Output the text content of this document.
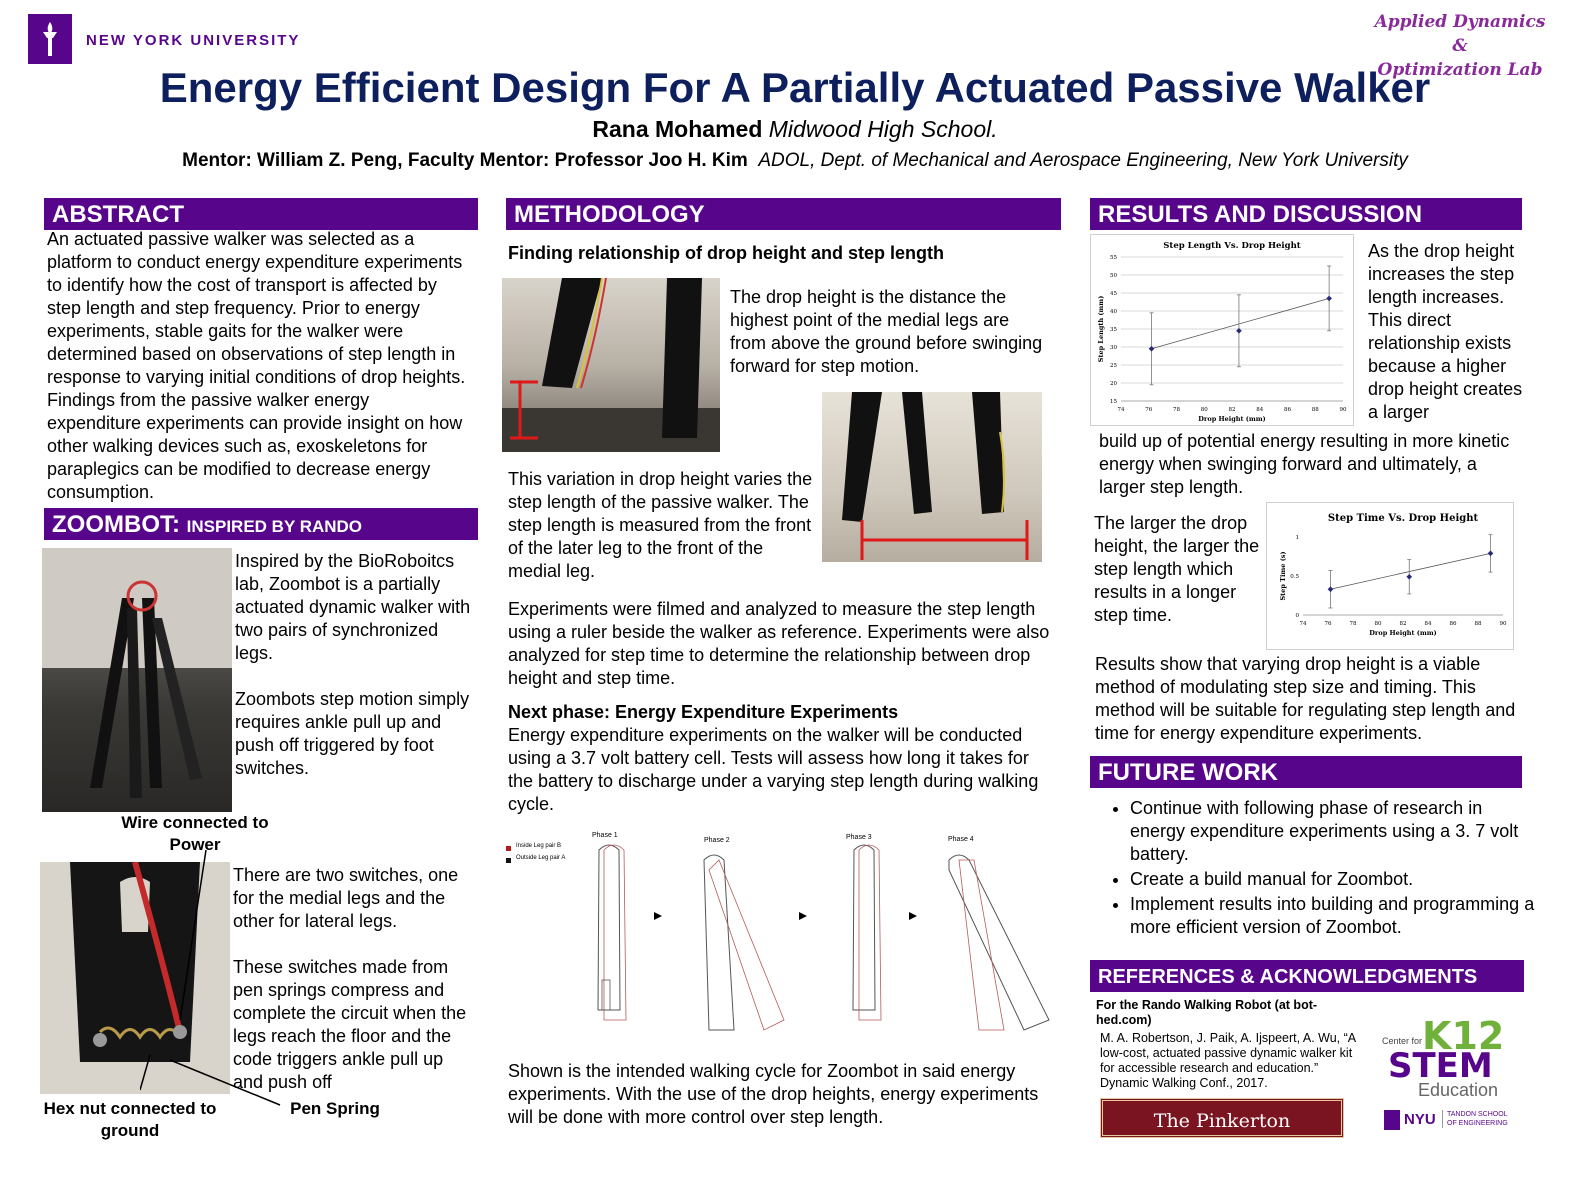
NEW YORK UNIVERSITY
Applied Dynamics &
Optimization Lab
Energy Efficient Design For A Partially Actuated Passive Walker
Rana Mohamed Midwood High School.
Mentor: William Z. Peng, Faculty Mentor: Professor Joo H. Kim ADOL, Dept. of Mechanical and Aerospace Engineering, New York University
ABSTRACT
An actuated passive walker was selected as a platform to conduct energy expenditure experiments to identify how the cost of transport is affected by step length and step frequency. Prior to energy experiments, stable gaits for the walker were determined based on observations of step length in response to varying initial conditions of drop heights. Findings from the passive walker energy expenditure experiments can provide insight on how other walking devices such as, exoskeletons for paraplegics can be modified to decrease energy consumption.
ZOOMBOT: INSPIRED BY RANDO
Inspired by the BioRoboitcs lab, Zoombot is a partially actuated dynamic walker with two pairs of synchronized legs.
Zoombots step motion simply requires ankle pull up and push off triggered by foot switches.
Wire connected to Power
There are two switches, one for the medial legs and the other for lateral legs.
These switches made from pen springs compress and complete the circuit when the legs reach the floor and the code triggers ankle pull up and push off
Hex nut connected to ground
Pen Spring
METHODOLOGY
Finding relationship of drop height and step length
The drop height is the distance the highest point of the medial legs are from above the ground before swinging forward for step motion.
This variation in drop height varies the step length of the passive walker. The step length is measured from the front of the later leg to the front of the medial leg.
Experiments were filmed and analyzed to measure the step length using a ruler beside the walker as reference. Experiments were also analyzed for step time to determine the relationship between drop height and step time.
Next phase: Energy Expenditure Experiments
Energy expenditure experiments on the walker will be conducted using a 3.7 volt battery cell. Tests will assess how long it takes for the battery to discharge under a varying step length during walking cycle.
Inside Leg pair B
Outside Leg pair A
Phase 1
Phase 2	Phase 3	Phase 4
Shown is the intended walking cycle for Zoombot in said energy experiments. With the use of the drop heights, energy experiments will be done with more control over step length.
RESULTS AND DISCUSSION
Step Length Vs. Drop Height
15
20
25
30
35
40
45
50
55
74	76	78	80	82	84	86	88	90
Drop Height (mm)
Step Length (mm)
As the drop height increases the step length increases. This direct relationship exists because a higher drop height creates a larger
build up of potential energy resulting in more kinetic energy when swinging forward and ultimately, a larger step length.
The larger the drop height, the larger the step length which results in a longer step time.
Step Time Vs. Drop Height
0
0.5
1
74	76	78	80	82	84	86	88	90
Drop Height (mm)
Step Time (s)
Results show that varying drop height is a viable method of modulating step size and timing. This method will be suitable for regulating step length and time for energy expenditure experiments.
FUTURE WORK
• Continue with following phase of research in energy expenditure experiments using a 3. 7 volt battery.
• Create a build manual for Zoombot.
• Implement results into building and programming a more efficient version of Zoombot.
REFERENCES & ACKNOWLEDGMENTS
For the Rando Walking Robot (at bot-hed.com)
M. A. Robertson, J. Paik, A. Ijspeert, A. Wu, “A low-cost, actuated passive dynamic walker kit for accessible research and education.” Dynamic Walking Conf., 2017.
The Pinkerton Foundation
Center for K12
STEM
Education
NYU	TANDON SCHOOL OF ENGINEERING
